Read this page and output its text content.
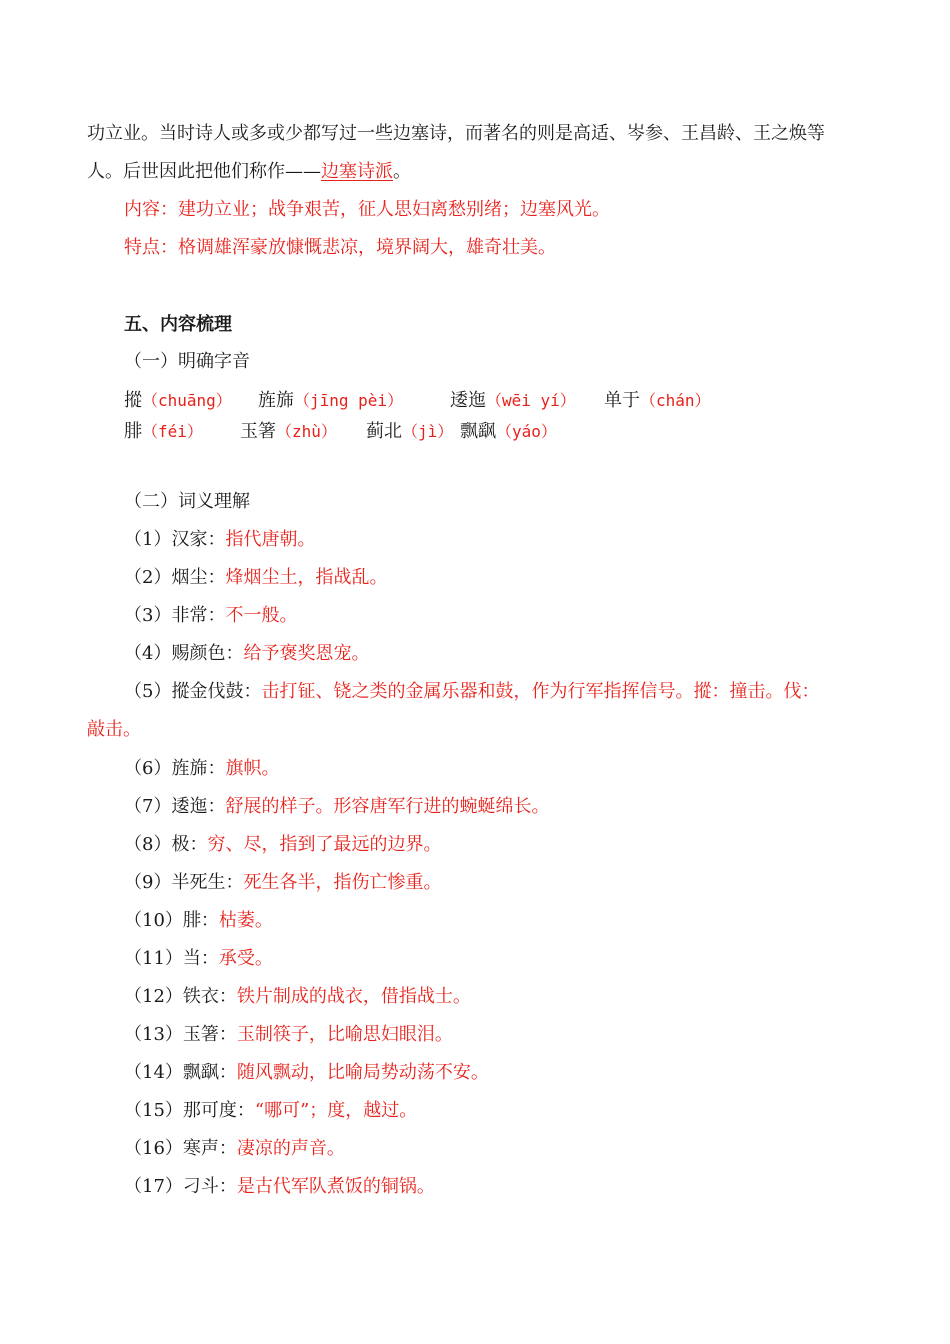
功立业。当时诗人或多或少都写过一些边塞诗，而著名的则是高适、岑参、王昌龄、王之焕等
人。后世因此把他们称作——边塞诗派。
内容：建功立业；战争艰苦，征人思妇离愁别绪；边塞风光。
特点：格调雄浑豪放慷慨悲凉，境界阔大，雄奇壮美。
五、内容梳理
（一）明确字音
摐（chuāng） 旌旆（jīng pèi）	逶迤（wēi yí） 单于（chán）
腓（féi） 玉箸（zhù） 蓟北（jì） 飘飖（yáo）
（二）词义理解
（1）汉家：指代唐朝。
（2）烟尘：烽烟尘土，指战乱。
（3）非常：不一般。
（4）赐颜色：给予褒奖恩宠。
（5）摐金伐鼓：击打钲、铙之类的金属乐器和鼓，作为行军指挥信号。摐：撞击。伐：
敲击。
（6）旌旆：旗帜。
（7）逶迤：舒展的样子。形容唐军行进的蜿蜒绵长。
（8）极：穷、尽，指到了最远的边界。
（9）半死生：死生各半，指伤亡惨重。
（10）腓：枯萎。
（11）当：承受。
（12）铁衣：铁片制成的战衣，借指战士。
（13）玉箸：玉制筷子，比喻思妇眼泪。
（14）飘飖：随风飘动，比喻局势动荡不安。
（15）那可度：“哪可”；度，越过。
（16）寒声：凄凉的声音。
（17）刁斗：是古代军队煮饭的铜锅。
